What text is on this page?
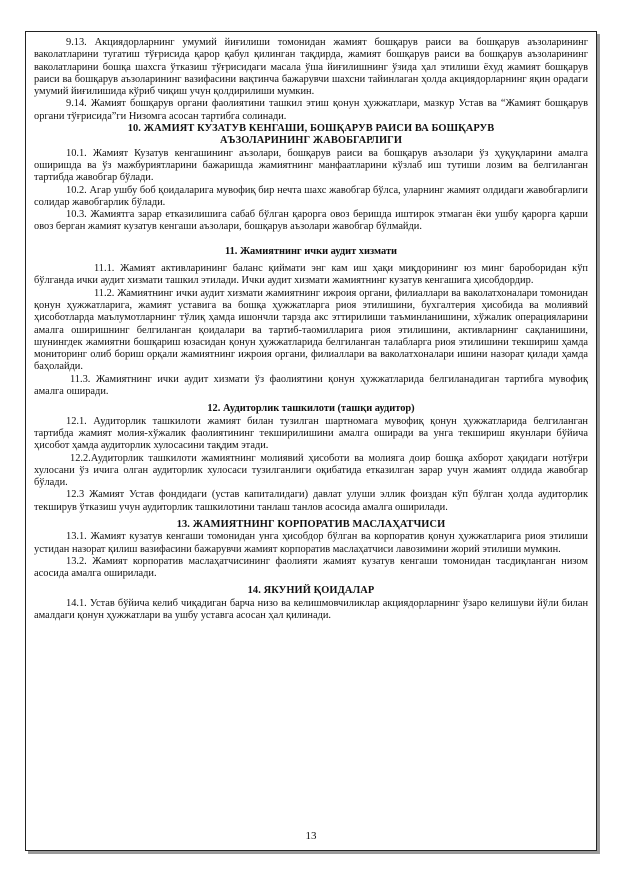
9.13. Акциядорларнинг умумий йиғилиши томонидан жамият бошқарув раиси ва бошқарув аъзоларининг ваколатларини тугатиш тўғрисида қарор қабул қилинган тақдирда, жамият бошқарув раиси ва бошқарув аъзоларининг ваколатларини бошқа шахсга ўтказиш тўғрисидаги масала ўша йиғилишнинг ўзида ҳал этилиши ёхуд жамият бошқарув раиси ва бошқарув аъзоларининг вазифасини вақтинча бажарувчи шахсни тайинлаган ҳолда акциядорларнинг яқин орадаги умумий йиғилишида кўриб чиқиш учун қолдирилиши мумкин.

9.14. Жамият бошқарув органи фаолиятини ташкил этиш қонун ҳужжатлари, мазкур Устав ва “Жамият бошқарув органи тўғрисида”ги Низомга асосан тартибга солинади.

10. ЖАМИЯТ КУЗАТУВ КЕНГАШИ, БОШҚАРУВ РАИСИ ВА БОШҚАРУВ

АЪЗОЛАРИНИНГ ЖАВОБГАРЛИГИ

10.1. Жамият Кузатув кенгашининг аъзолари, бошқарув раиси ва бошқарув аъзолари ўз ҳуқуқларини амалга оширишда ва ўз мажбуриятларини бажаришда жамиятнинг манфаатларини кўзлаб иш тутиши лозим ва белгиланган тартибда жавобгар бўлади.

10.2. Агар ушбу боб қоидаларига мувофиқ бир нечта шахс жавобгар бўлса, уларнинг жамият олдидаги жавобгарлиги солидар жавобгарлик бўлади.

10.3. Жамиятга зарар етказилишига сабаб бўлган қарорга овоз беришда иштирок этмаган ёки ушбу қарорга қарши овоз берган жамият кузатув кенгаши аъзолари, бошқарув аъзолари жавобгар бўлмайди.

11. Жамиятнинг ички аудит хизмати

11.1. Жамият активларининг баланс қиймати энг кам иш ҳақи миқдорининг юз минг бароборидан кўп бўлганда ички аудит хизмати ташкил этилади. Ички аудит хизмати жамиятнинг кузатув кенгашига ҳисобдордир.

11.2. Жамиятнинг ички аудит хизмати жамиятнинг ижроия органи, филиаллари ва ваколатхоналари томонидан қонун ҳужжатларига, жамият уставига ва бошқа ҳужжатларга риоя этилишини, бухгалтерия ҳисобида ва молиявий ҳисоботларда маълумотларнинг тўлиқ ҳамда ишончли тарзда акс эттирилиши таъминланишини, хўжалик операцияларини амалга оширишнинг белгиланган қоидалари ва тартиб-таомилларига риоя этилишини, активларнинг сақланишини, шунингдек жамиятни бошқариш юзасидан қонун ҳужжатларида белгиланган талабларга риоя этилишини текшириш ҳамда мониторинг олиб бориш орқали жамиятнинг ижроия органи, филиаллари ва ваколатхоналари ишини назорат қилади ҳамда баҳолайди.

11.3. Жамиятнинг ички аудит хизмати ўз фаолиятини қонун ҳужжатларида белгиланадиган тартибга мувофиқ амалга оширади.

12. Аудиторлик ташкилоти (ташқи аудитор)

12.1. Аудиторлик ташкилоти жамият билан тузилган шартномага мувофиқ қонун ҳужжатларида белгиланган тартибда жамият молия-хўжалик фаолиятининг текширилишини амалга оширади ва унга текшириш якунлари бўйича ҳисобот ҳамда аудиторлик хулосасини тақдим этади.

12.2.Аудиторлик ташкилоти жамиятнинг молиявий ҳисоботи ва молияга доир бошқа ахборот ҳақидаги нотўғри хулосани ўз ичига олган аудиторлик хулосаси тузилганлиги оқибатида етказилган зарар учун жамият олдида жавобгар бўлади.

12.3 Жамият Устав фондидаги (устав капиталидаги) давлат улуши эллик фоиздан кўп бўлган ҳолда аудиторлик текширув ўтказиш учун аудиторлик ташкилотини танлаш танлов асосида амалга оширилади.

13. ЖАМИЯТНИНГ КОРПОРАТИВ МАСЛАҲАТЧИСИ

13.1. Жамият кузатув кенгаши томонидан унга ҳисобдор бўлган ва корпоратив қонун ҳужжатларига риоя этилиши устидан назорат қилиш вазифасини бажарувчи жамият корпоратив маслаҳатчиси лавозимини жорий этилиши мумкин.

13.2. Жамият корпоратив маслаҳатчисининг фаолияти жамият кузатув кенгаши томонидан тасдиқланган низом асосида амалга оширилади.

14. ЯКУНИЙ ҚОИДАЛАР

14.1. Устав бўйича келиб чиқадиган барча низо ва келишмовчиликлар акциядорларнинг ўзаро келишуви йўли билан амалдаги қонун ҳужжатлари ва ушбу уставга асосан ҳал қилинади.

13
